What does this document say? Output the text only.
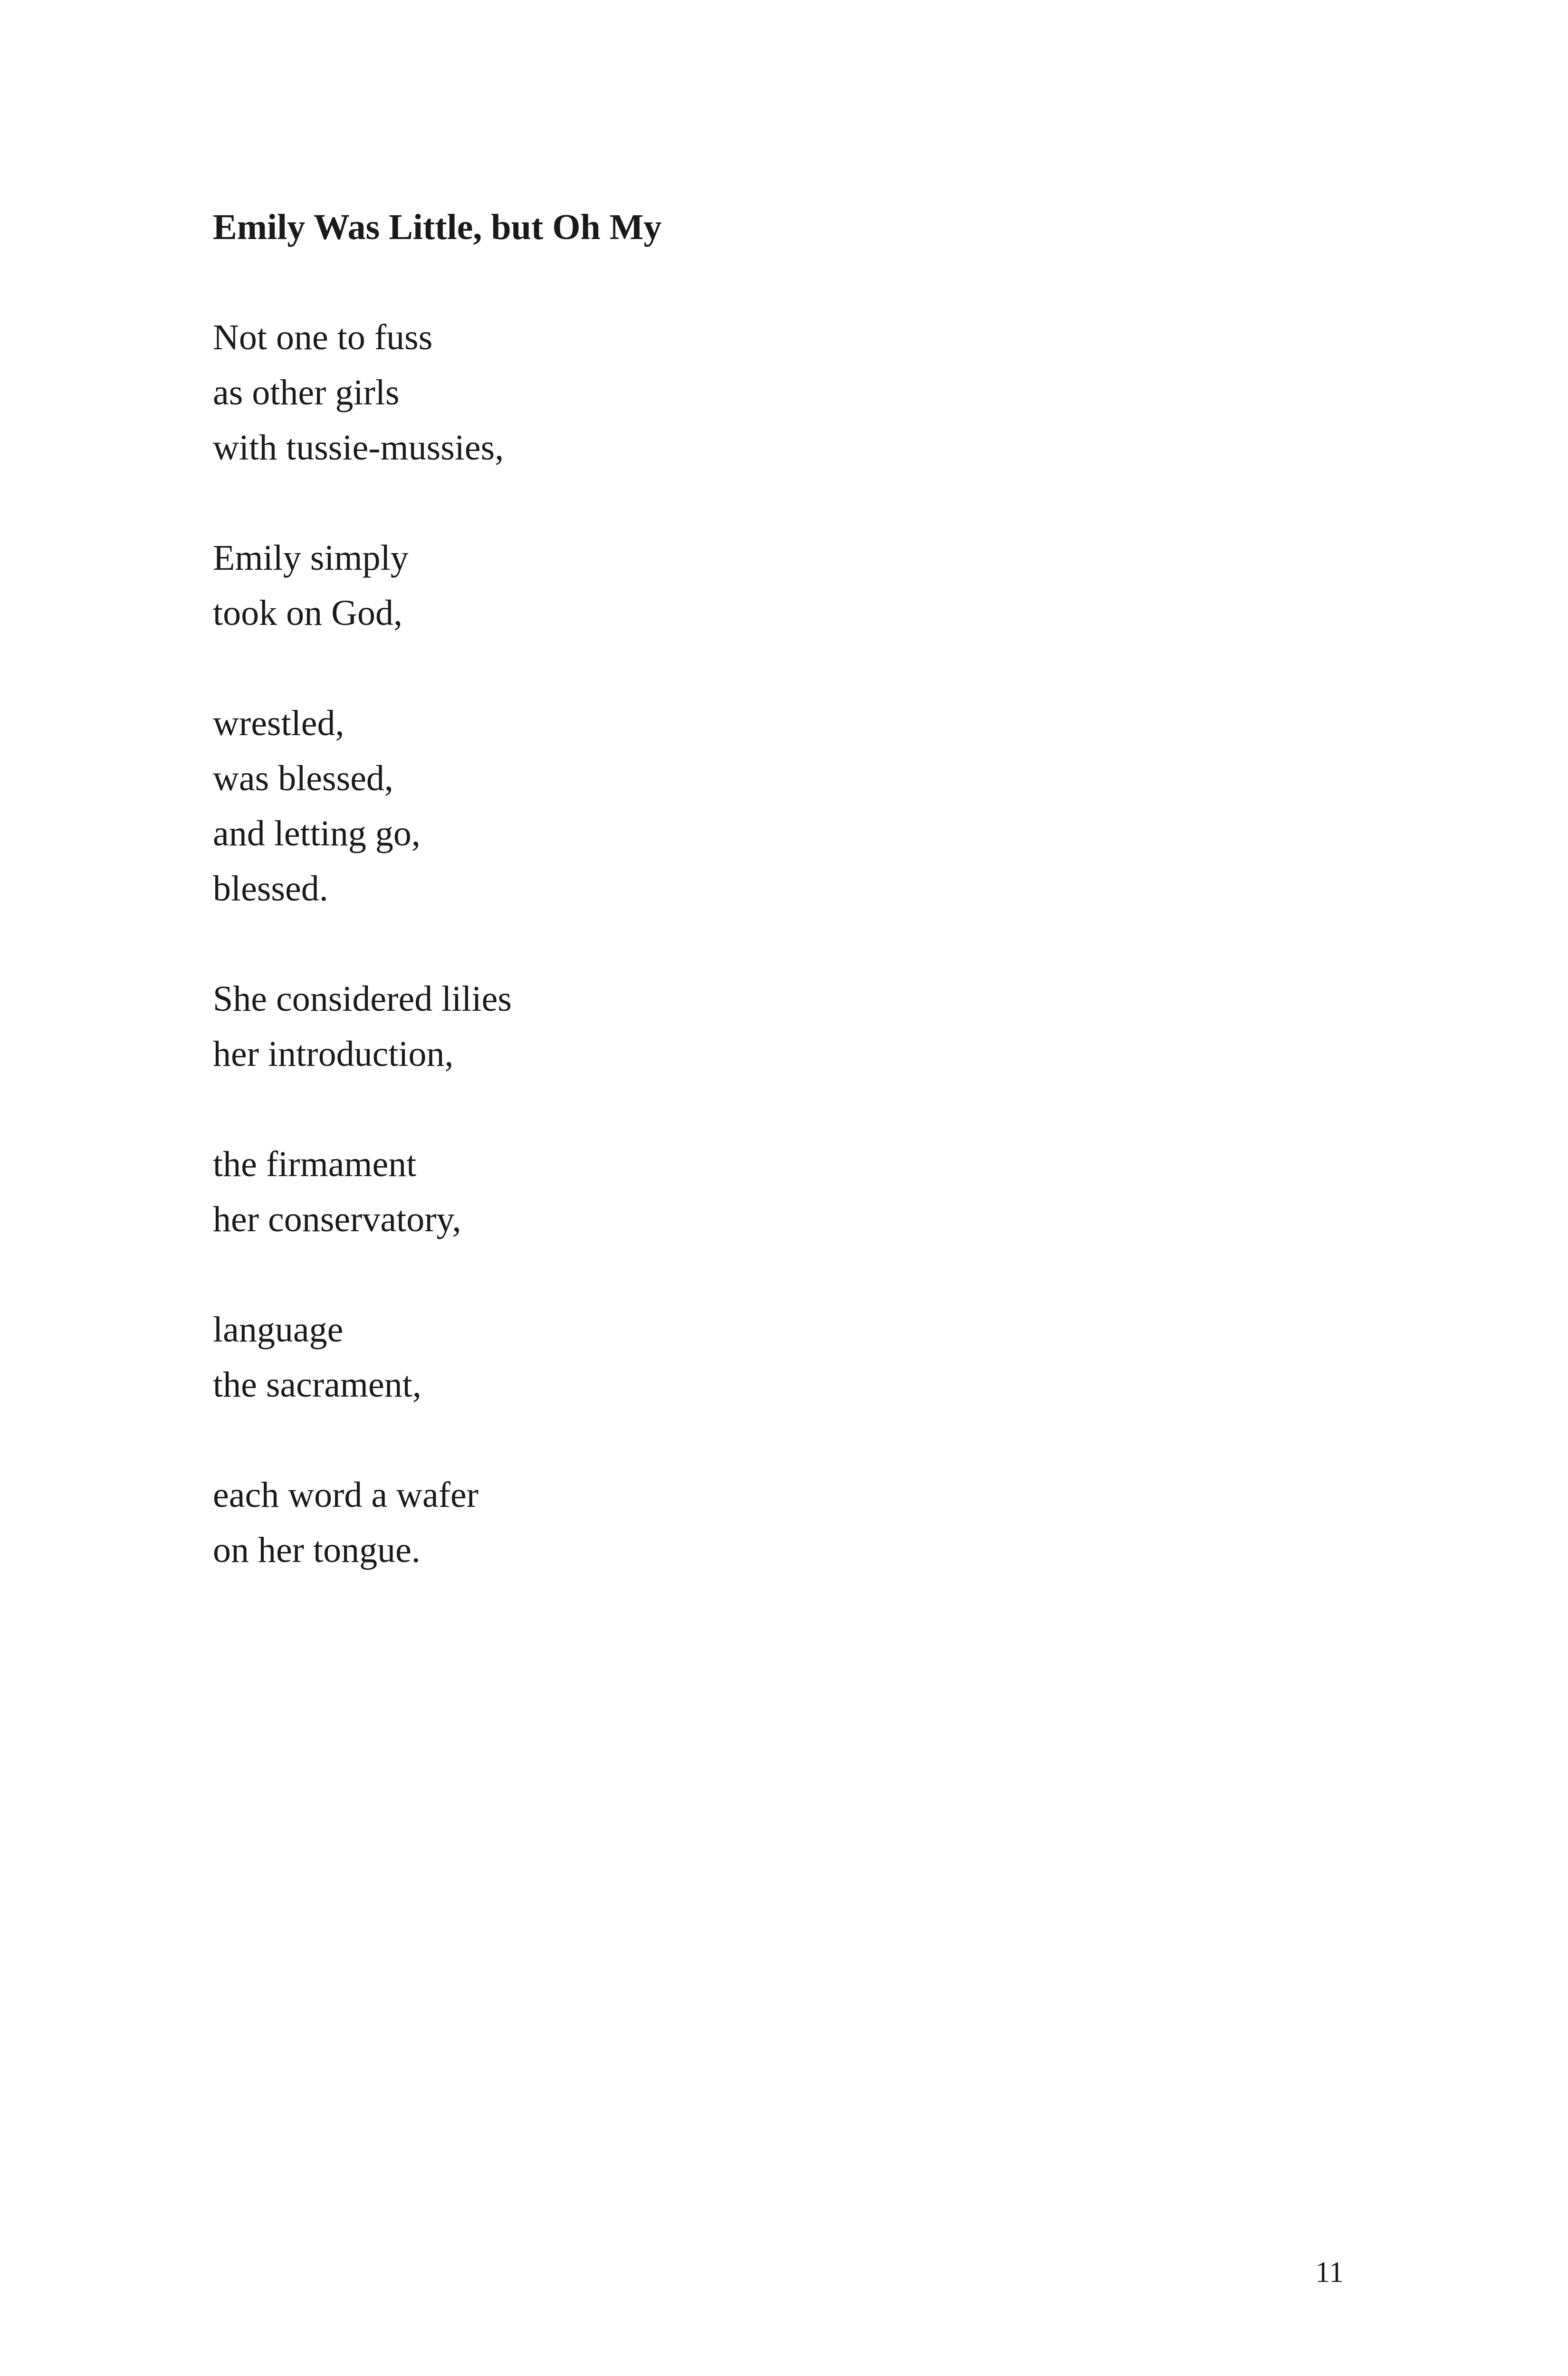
Emily Was Little, but Oh My
Not one to fuss
as other girls
with tussie-mussies,
Emily simply
took on God,
wrestled,
was blessed,
and letting go,
blessed.
She considered lilies
her introduction,
the firmament
her conservatory,
language
the sacrament,
each word a wafer
on her tongue.
11
